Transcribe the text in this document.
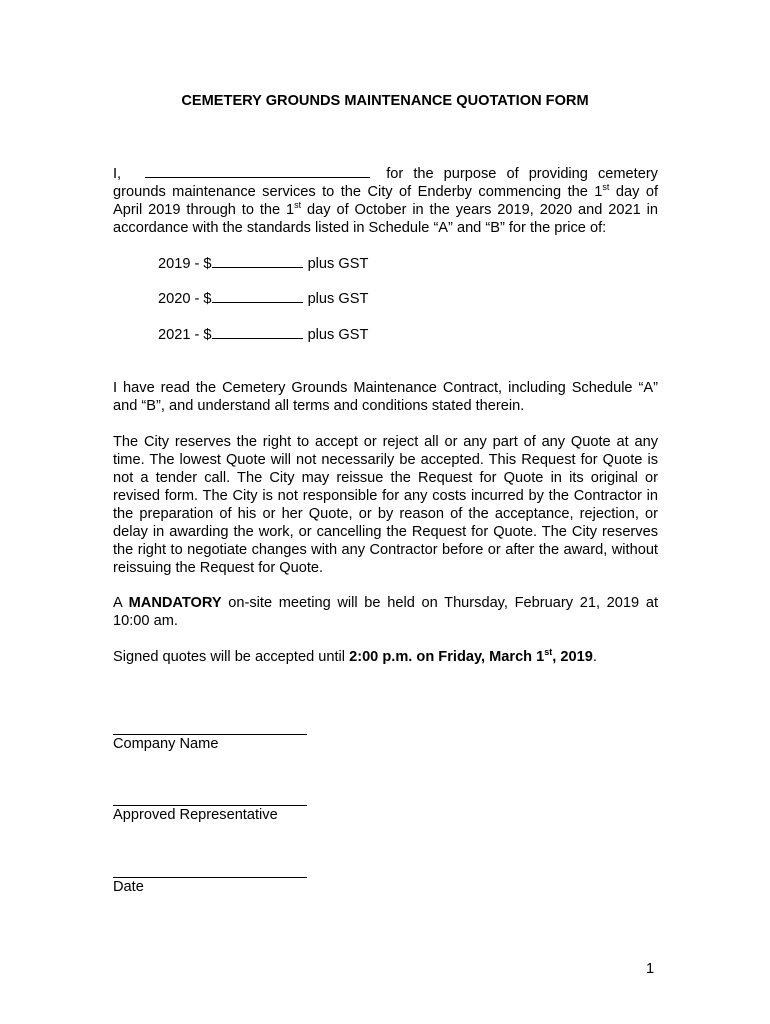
CEMETERY GROUNDS MAINTENANCE QUOTATION FORM
I,	for the purpose of providing cemetery grounds maintenance services to the City of Enderby commencing the 1st day of April 2019 through to the 1st day of October in the years 2019, 2020 and 2021 in accordance with the standards listed in Schedule “A” and “B” for the price of:
2019 - $	plus GST
2020 - $	plus GST
2021 - $	plus GST
I have read the Cemetery Grounds Maintenance Contract, including Schedule “A” and “B”, and understand all terms and conditions stated therein.
The City reserves the right to accept or reject all or any part of any Quote at any time. The lowest Quote will not necessarily be accepted. This Request for Quote is not a tender call. The City may reissue the Request for Quote in its original or revised form. The City is not responsible for any costs incurred by the Contractor in the preparation of his or her Quote, or by reason of the acceptance, rejection, or delay in awarding the work, or cancelling the Request for Quote. The City reserves the right to negotiate changes with any Contractor before or after the award, without reissuing the Request for Quote.
A MANDATORY on-site meeting will be held on Thursday, February 21, 2019 at 10:00 am.
Signed quotes will be accepted until 2:00 p.m. on Friday, March 1st, 2019.
Company Name
Approved Representative
Date
1
